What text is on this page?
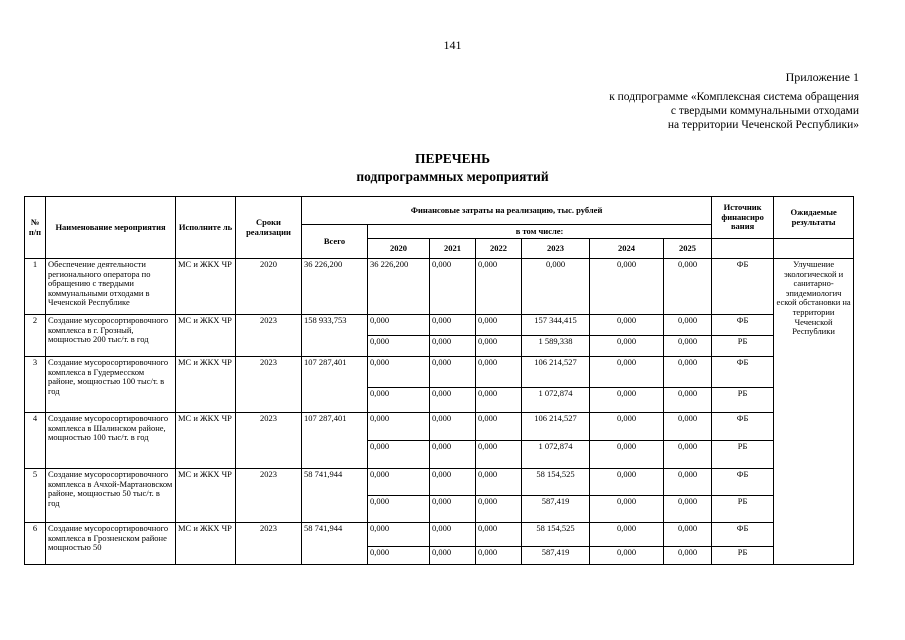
141
Приложение 1
к подпрограмме «Комплексная система обращения
с твердыми коммунальными отходами
на территории Чеченской Республики»
ПЕРЕЧЕНЬ
подпрограммных мероприятий
№ п/п	Наименование мероприятия	Исполните ль	Сроки реализации	Финансовые затраты на реализацию, тыс. рублей							Источник финансиро вания	Ожидаемые результаты
				Всего	в том числе:							
					2020	2021	2022	2023	2024	2025		
1	Обеспечение деятельности регионального оператора по обращению с твердыми коммунальными отходами в Чеченской Республике	МС и ЖКХ ЧР	2020	36 226,200	36 226,200	0,000	0,000	0,000	0,000	0,000	ФБ	Улучшение экологической и санитарно-эпидемиологич еской обстановки на территории Чеченской Республики
2	Создание мусоросортировочного комплекса в г. Грозный, мощностью 200 тыс/т. в год	МС и ЖКХ ЧР	2023	158 933,753	0,000	0,000	0,000	157 344,415	0,000	0,000	ФБ	
					0,000	0,000	0,000	1 589,338	0,000	0,000	РБ	
3	Создание мусоросортировочного комплекса в Гудермесском районе, мощностью 100 тыс/т. в год	МС и ЖКХ ЧР	2023	107 287,401	0,000	0,000	0,000	106 214,527	0,000	0,000	ФБ	
					0,000	0,000	0,000	1 072,874	0,000	0,000	РБ	
4	Создание мусоросортировочного комплекса в Шалинском районе, мощностью 100 тыс/т. в год	МС и ЖКХ ЧР	2023	107 287,401	0,000	0,000	0,000	106 214,527	0,000	0,000	ФБ	
					0,000	0,000	0,000	1 072,874	0,000	0,000	РБ	
5	Создание мусоросортировочного комплекса в Ачхой-Мартановском районе, мощностью 50 тыс/т. в год	МС и ЖКХ ЧР	2023	58 741,944	0,000	0,000	0,000	58 154,525	0,000	0,000	ФБ	
					0,000	0,000	0,000	587,419	0,000	0,000	РБ	
6	Создание мусоросортировочного комплекса в Грозненском районе мощностью 50	МС и ЖКХ ЧР	2023	58 741,944	0,000	0,000	0,000	58 154,525	0,000	0,000	ФБ	
					0,000	0,000	0,000	587,419	0,000	0,000	РБ	
